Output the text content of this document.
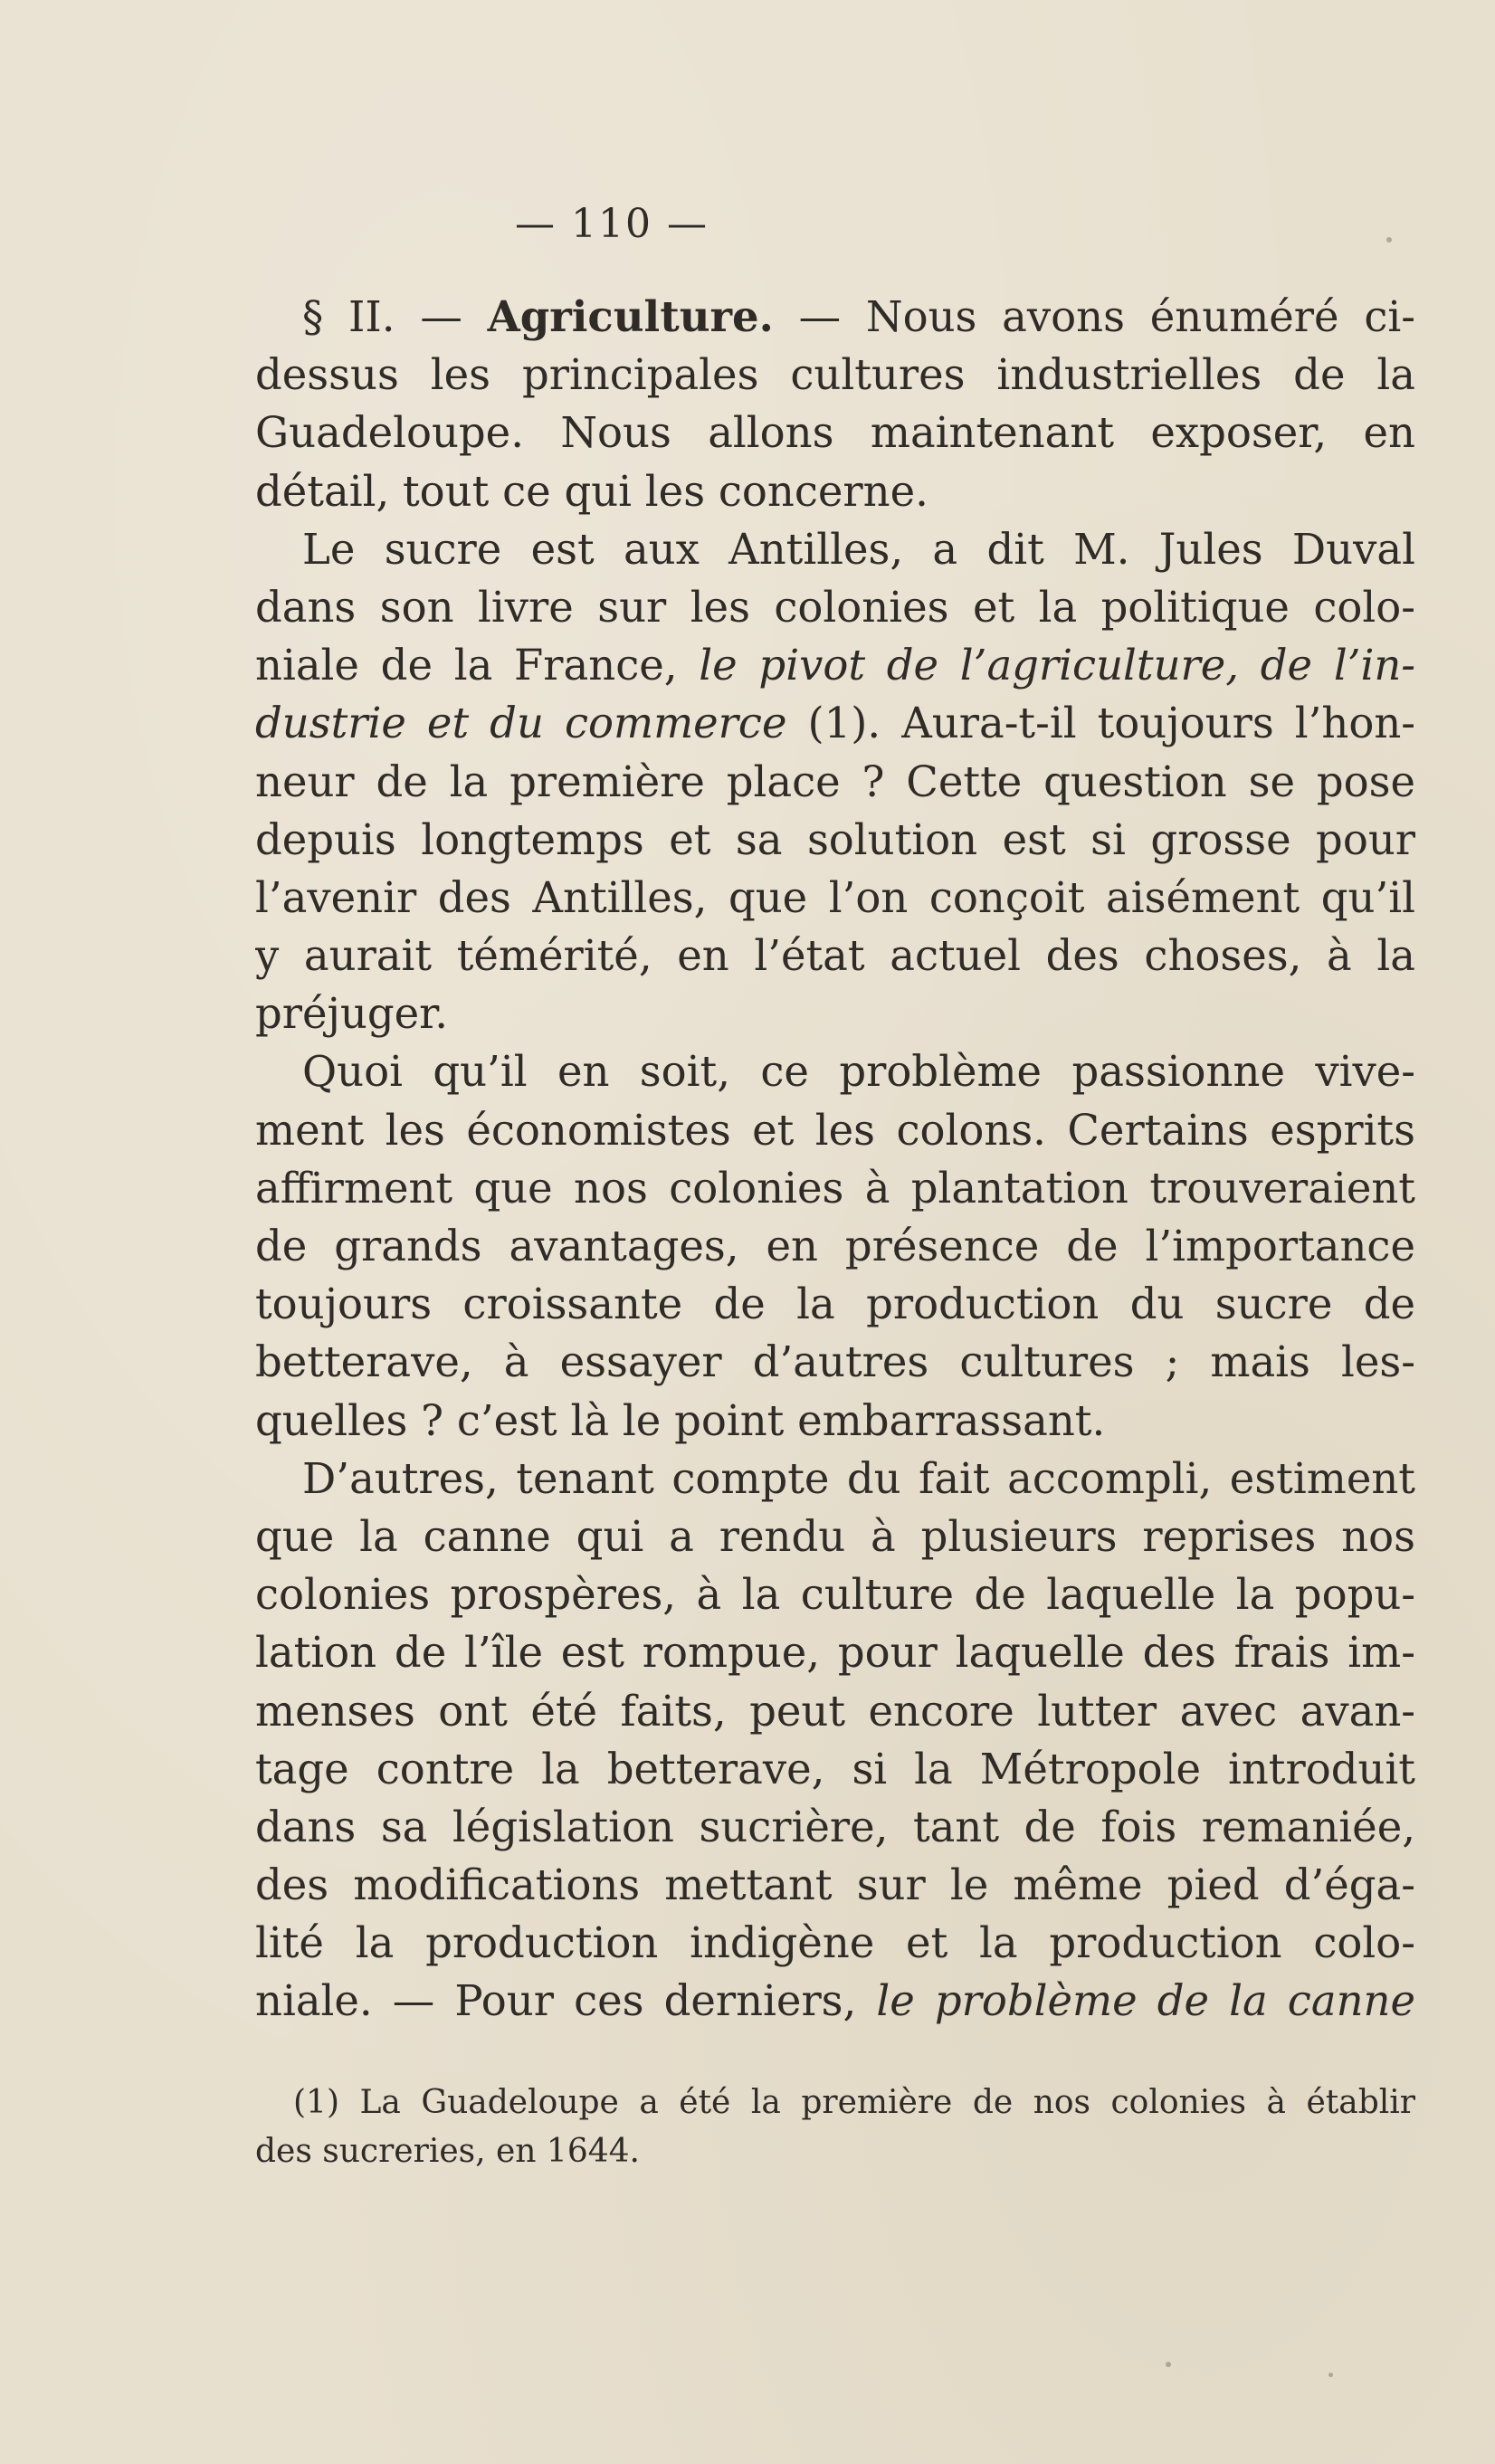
— 110 —
§ II. — Agriculture. — Nous avons énuméré ci-
dessus les principales cultures industrielles de la
Guadeloupe. Nous allons maintenant exposer, en
détail, tout ce qui les concerne.
Le sucre est aux Antilles, a dit M. Jules Duval
dans son livre sur les colonies et la politique colo-
niale de la France, le pivot de l’agriculture, de l’in-
dustrie et du commerce (1). Aura-t-il toujours l’hon-
neur de la première place ? Cette question se pose
depuis longtemps et sa solution est si grosse pour
l’avenir des Antilles, que l’on conçoit aisément qu’il
y aurait témérité, en l’état actuel des choses, à la
préjuger.
Quoi qu’il en soit, ce problème passionne vive-
ment les économistes et les colons. Certains esprits
affirment que nos colonies à plantation trouveraient
de grands avantages, en présence de l’importance
toujours croissante de la production du sucre de
betterave, à essayer d’autres cultures ; mais les-
quelles ? c’est là le point embarrassant.
D’autres, tenant compte du fait accompli, estiment
que la canne qui a rendu à plusieurs reprises nos
colonies prospères, à la culture de laquelle la popu-
lation de l’île est rompue, pour laquelle des frais im-
menses ont été faits, peut encore lutter avec avan-
tage contre la betterave, si la Métropole introduit
dans sa législation sucrière, tant de fois remaniée,
des modifications mettant sur le même pied d’éga-
lité la production indigène et la production colo-
niale. — Pour ces derniers, le problème de la canne
(1) La Guadeloupe a été la première de nos colonies à établir
des sucreries, en 1644.
